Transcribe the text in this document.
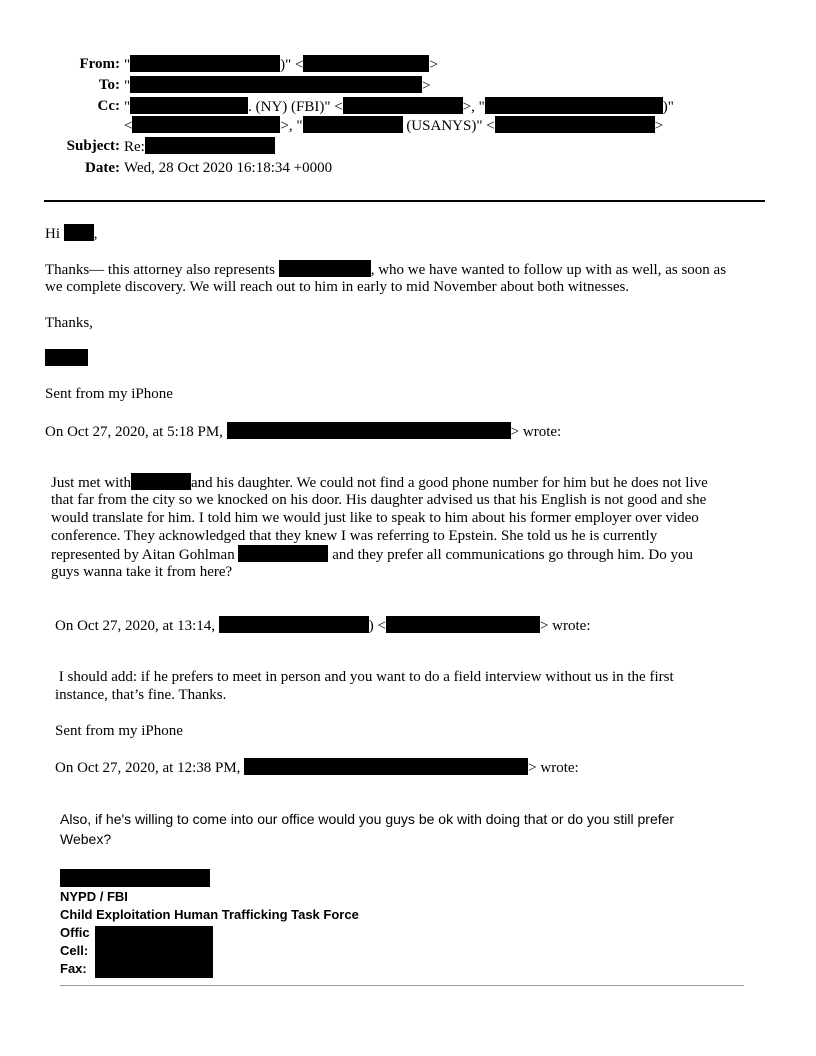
From: "	)" <	>
To: "	>
Cc: "	. (NY) (FBI)" <	>, "	)"
<	>, "	(USANYS)" <	>
Subject: Re:
Date: Wed, 28 Oct 2020 16:18:34 +0000
Hi ,
Thanks— this attorney also represents	, who we have wanted to follow up with as well, as soon as
we complete discovery. We will reach out to him in early to mid November about both witnesses.
Thanks,
Sent from my iPhone
On Oct 27, 2020, at 5:18 PM,	> wrote:
Just met with	and his daughter. We could not find a good phone number for him but he does not live
that far from the city so we knocked on his door. His daughter advised us that his English is not good and she
would translate for him. I told him we would just like to speak to him about his former employer over video
conference. They acknowledged that they knew I was referring to Epstein. She told us he is currently
represented by Aitan Gohlman	and they prefer all communications go through him. Do you
guys wanna take it from here?
On Oct 27, 2020, at 13:14,	) <	> wrote:
I should add: if he prefers to meet in person and you want to do a field interview without us in the first
instance, that’s fine. Thanks.
Sent from my iPhone
On Oct 27, 2020, at 12:38 PM,	> wrote:
Also, if he's willing to come into our office would you guys be ok with doing that or do you still prefer
Webex?
NYPD / FBI
Child Exploitation Human Trafficking Task Force
Offic
Cell:
Fax:
